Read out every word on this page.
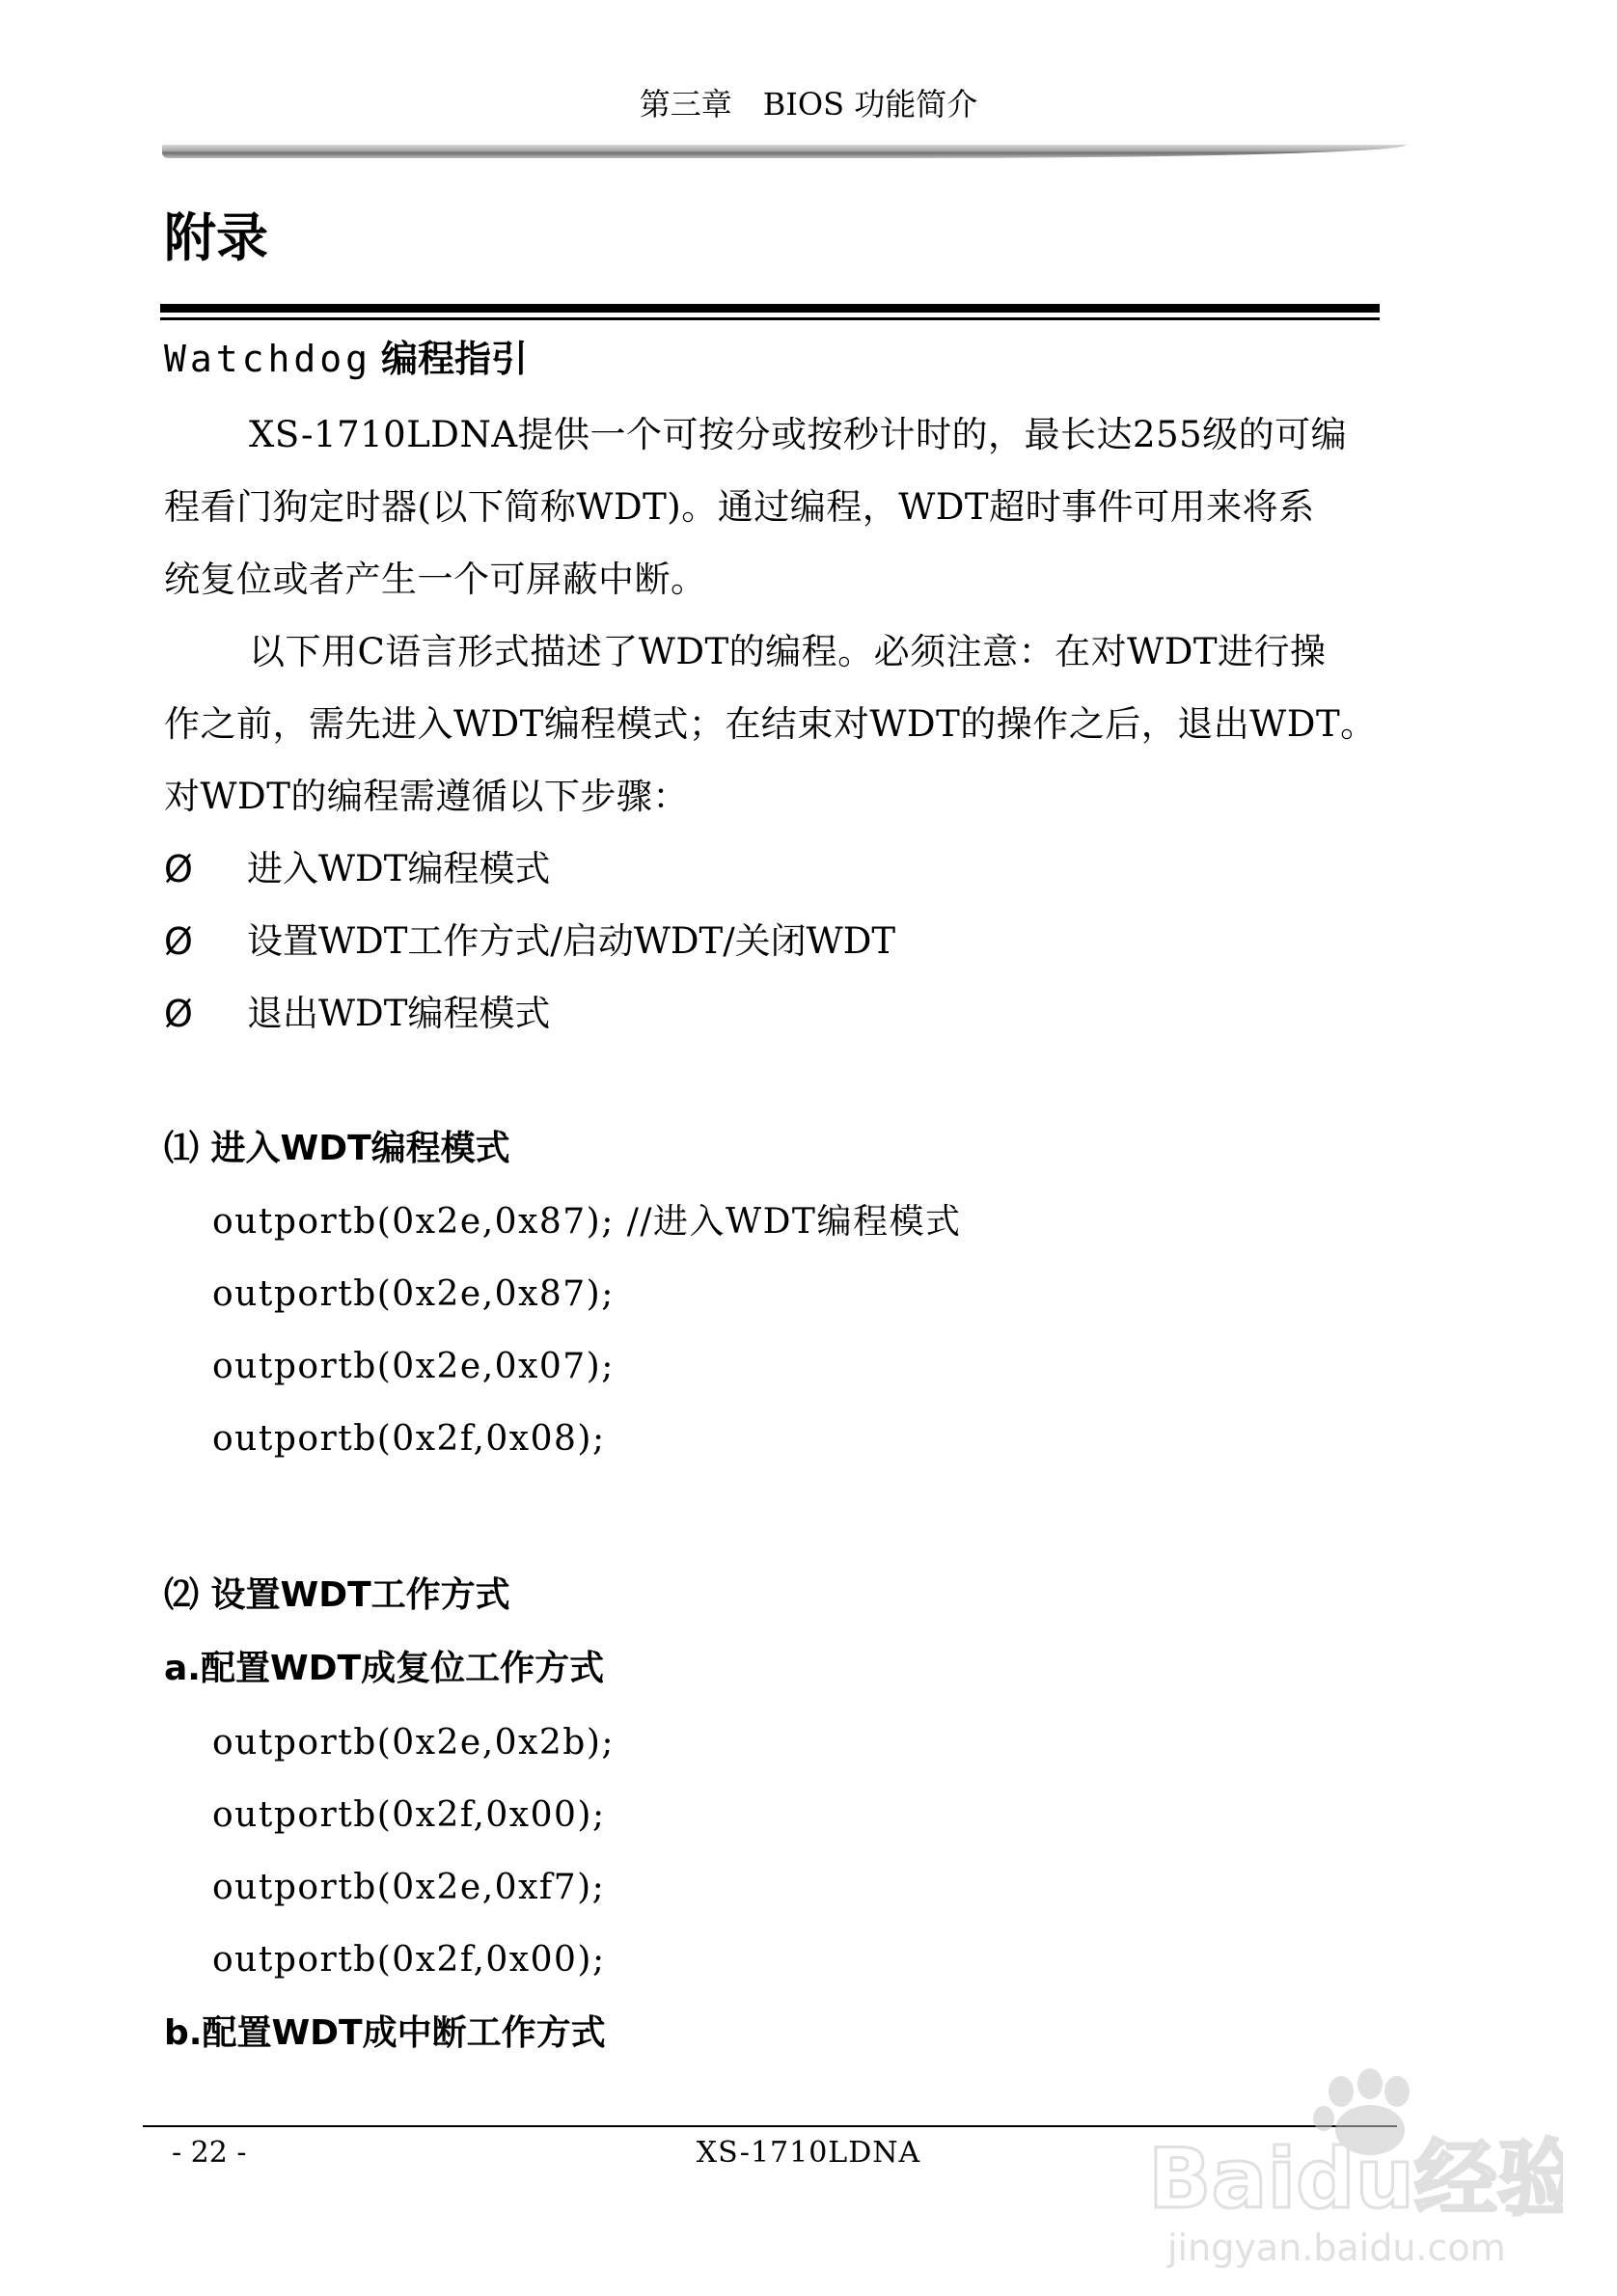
第三章　BIOS 功能简介
附录
Watchdog 编程指引
XS-1710LDNA提供一个可按分或按秒计时的，最长达255级的可编
程看门狗定时器(以下简称WDT)。通过编程，WDT超时事件可用来将系
统复位或者产生一个可屏蔽中断。
以下用C语言形式描述了WDT的编程。必须注意：在对WDT进行操
作之前，需先进入WDT编程模式；在结束对WDT的操作之后，退出WDT。
对WDT的编程需遵循以下步骤：
Ø 进入WDT编程模式
Ø 设置WDT工作方式/启动WDT/关闭WDT
Ø 退出WDT编程模式
⑴ 进入WDT编程模式
outportb(0x2e,0x87); //进入WDT编程模式
outportb(0x2e,0x87);
outportb(0x2e,0x07);
outportb(0x2f,0x08);
⑵ 设置WDT工作方式
a.配置WDT成复位工作方式
outportb(0x2e,0x2b);
outportb(0x2f,0x00);
outportb(0x2e,0xf7);
outportb(0x2f,0x00);
b.配置WDT成中断工作方式
- 22 -	XS-1710LDNA	Baidu经验
jingyan.baidu.com
